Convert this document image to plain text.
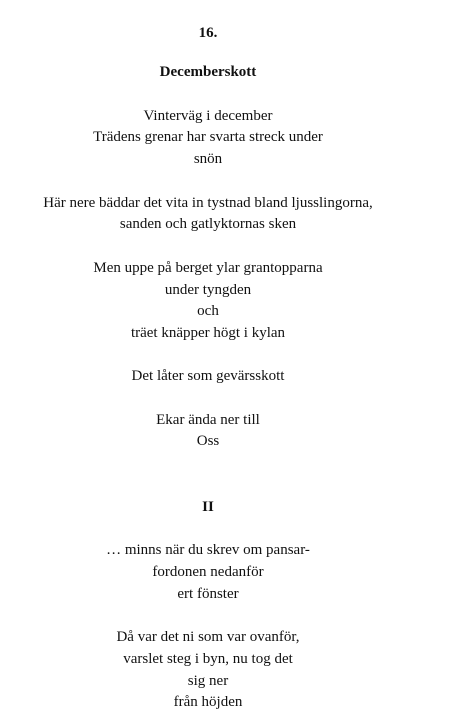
16.
Decemberskott
Vinterväg i december
Trädens grenar har svarta streck under
snön
Här nere bäddar det vita in tystnad bland ljusslingorna,
sanden och gatlyktornas sken
Men uppe på berget ylar grantopparna
under tyngden
och
träet knäpper högt i kylan
Det låter som gevärsskott
Ekar ända ner till
Oss
II
… minns när du skrev om pansar-
fordonen nedanför
ert fönster
Då var det ni som var ovanför,
varslet steg i byn, nu tog det
sig ner
från höjden
